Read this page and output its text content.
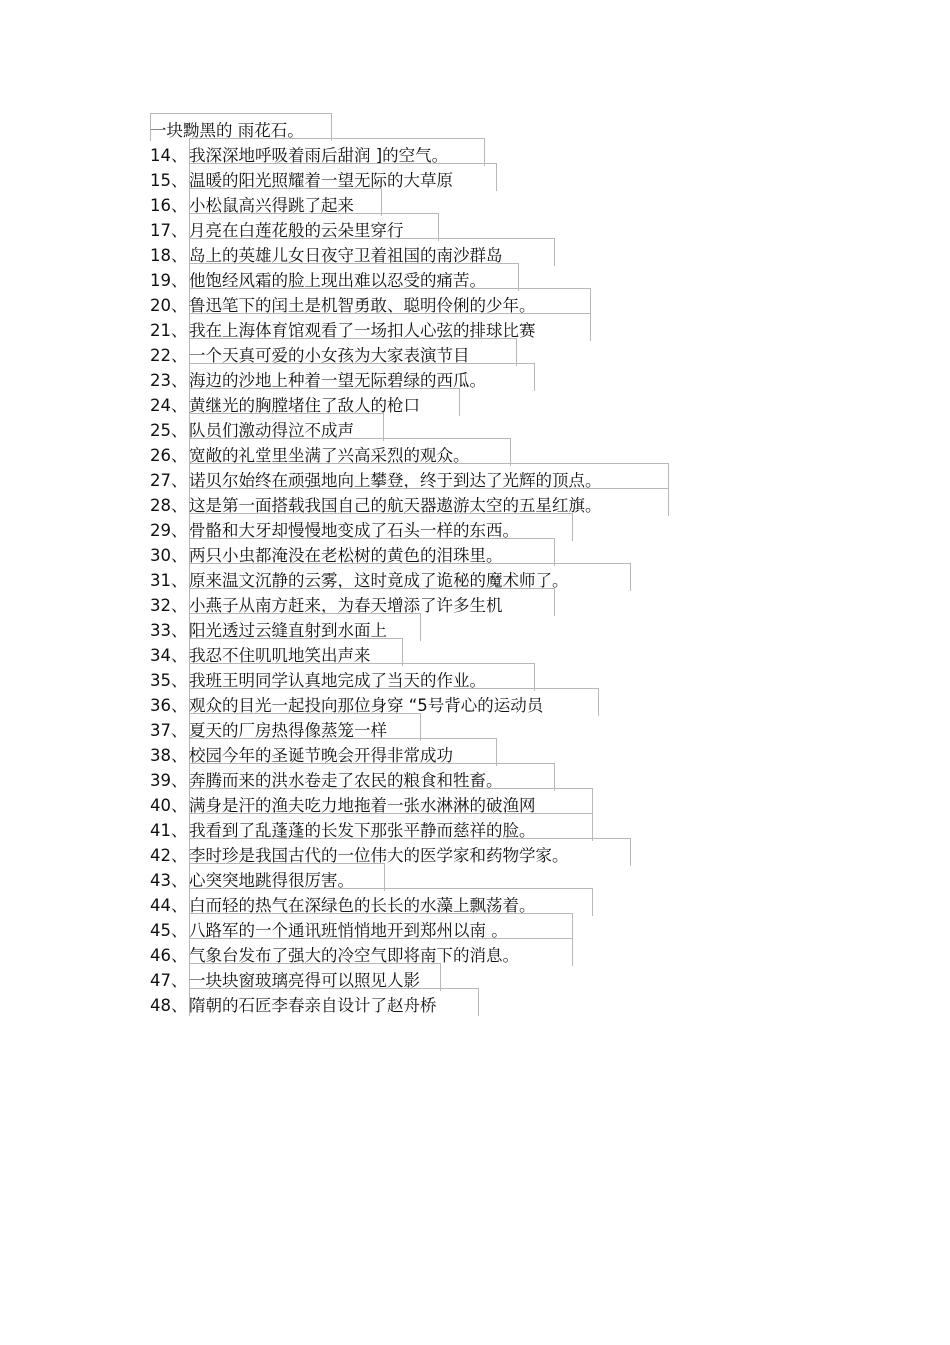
一块黝黑的 雨花石。
14、 我深深地呼吸着雨后甜润 ]的空气。
15、 温暖的阳光照耀着一望无际的大草原
16、 小松鼠高兴得跳了起来
17、 月亮在白莲花般的云朵里穿行
18、 岛上的英雄儿女日夜守卫着祖国的南沙群岛
19、 他饱经风霜的脸上现出难以忍受的痛苦。
20、 鲁迅笔下的闰土是机智勇敢、聪明伶俐的少年。
21、 我在上海体育馆观看了一场扣人心弦的排球比赛
22、 一个天真可爱的小女孩为大家表演节目
23、 海边的沙地上种着一望无际碧绿的西瓜。
24、 黄继光的胸膛堵住了敌人的枪口
25、 队员们激动得泣不成声
26、 宽敞的礼堂里坐满了兴高采烈的观众。
27、 诺贝尔始终在顽强地向上攀登，终于到达了光辉的顶点。
28、 这是第一面搭载我国自己的航天器遨游太空的五星红旗。
29、 骨骼和大牙却慢慢地变成了石头一样的东西。
30、 两只小虫都淹没在老松树的黄色的泪珠里。
31、 原来温文沉静的云雾，这时竟成了诡秘的魔术师了。
32、 小燕子从南方赶来，为春天增添了许多生机
33、 阳光透过云缝直射到水面上
34、 我忍不住叽叽地笑出声来
35、 我班王明同学认真地完成了当天的作业。
36、 观众的目光一起投向那位身穿 “5号背心的运动员
37、 夏天的厂房热得像蒸笼一样
38、 校园今年的圣诞节晚会开得非常成功
39、 奔腾而来的洪水卷走了农民的粮食和牲畜。
40、 满身是汗的渔夫吃力地拖着一张水淋淋的破渔网
41、 我看到了乱蓬蓬的长发下那张平静而慈祥的脸。
42、 李时珍是我国古代的一位伟大的医学家和药物学家。
43、 心突突地跳得很厉害。
44、 白而轻的热气在深绿色的长长的水藻上飘荡着。
45、 八路军的一个通讯班悄悄地开到郑州以南 。
46、 气象台发布了强大的冷空气即将南下的消息。
47、 一块块窗玻璃亮得可以照见人影
48、 隋朝的石匠李春亲自设计了赵舟桥
